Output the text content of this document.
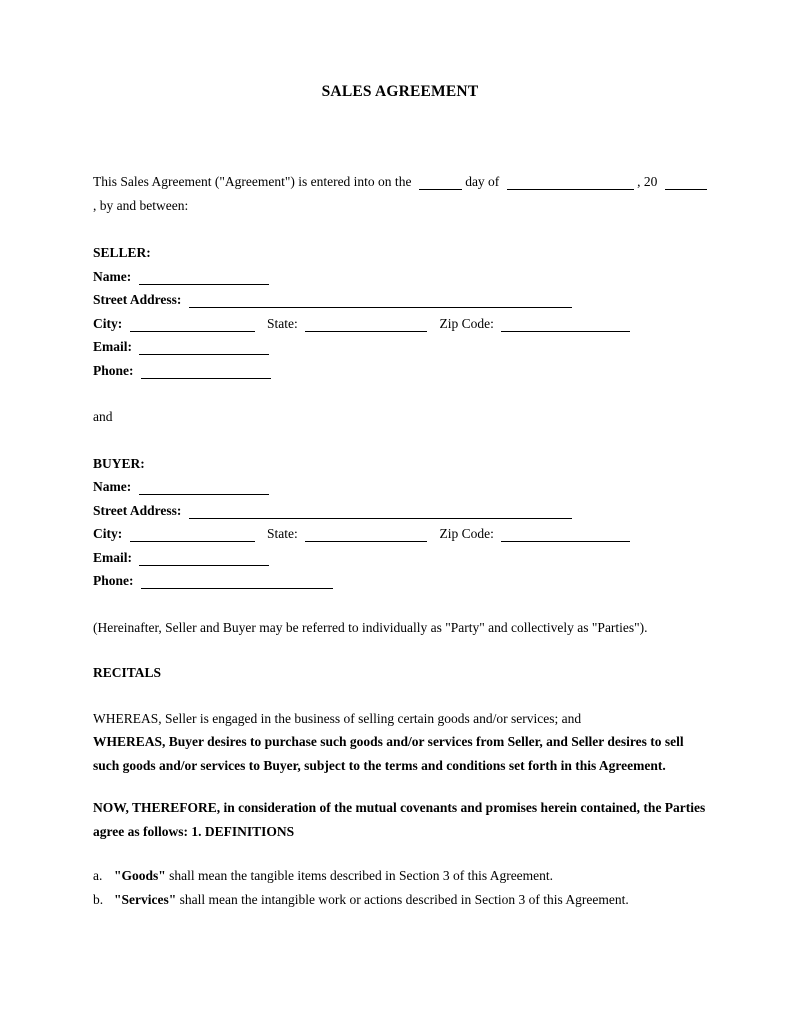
SALES AGREEMENT
This Sales Agreement ("Agreement") is entered into on the	day of	, 20  , by and between:
SELLER:
Name:
Street Address:
City:	State:	Zip Code:
Email:
Phone:
and
BUYER:
Name:
Street Address:
City:	State:	Zip Code:
Email:
Phone:
(Hereinafter, Seller and Buyer may be referred to individually as "Party" and collectively as "Parties").
RECITALS
WHEREAS, Seller is engaged in the business of selling certain goods and/or services; and
WHEREAS, Buyer desires to purchase such goods and/or services from Seller, and Seller desires to sell such goods and/or services to Buyer, subject to the terms and conditions set forth in this Agreement.
NOW, THEREFORE, in consideration of the mutual covenants and promises herein contained, the Parties agree as follows: 1. DEFINITIONS
a. "Goods" shall mean the tangible items described in Section 3 of this Agreement.
b. "Services" shall mean the intangible work or actions described in Section 3 of this Agreement.
